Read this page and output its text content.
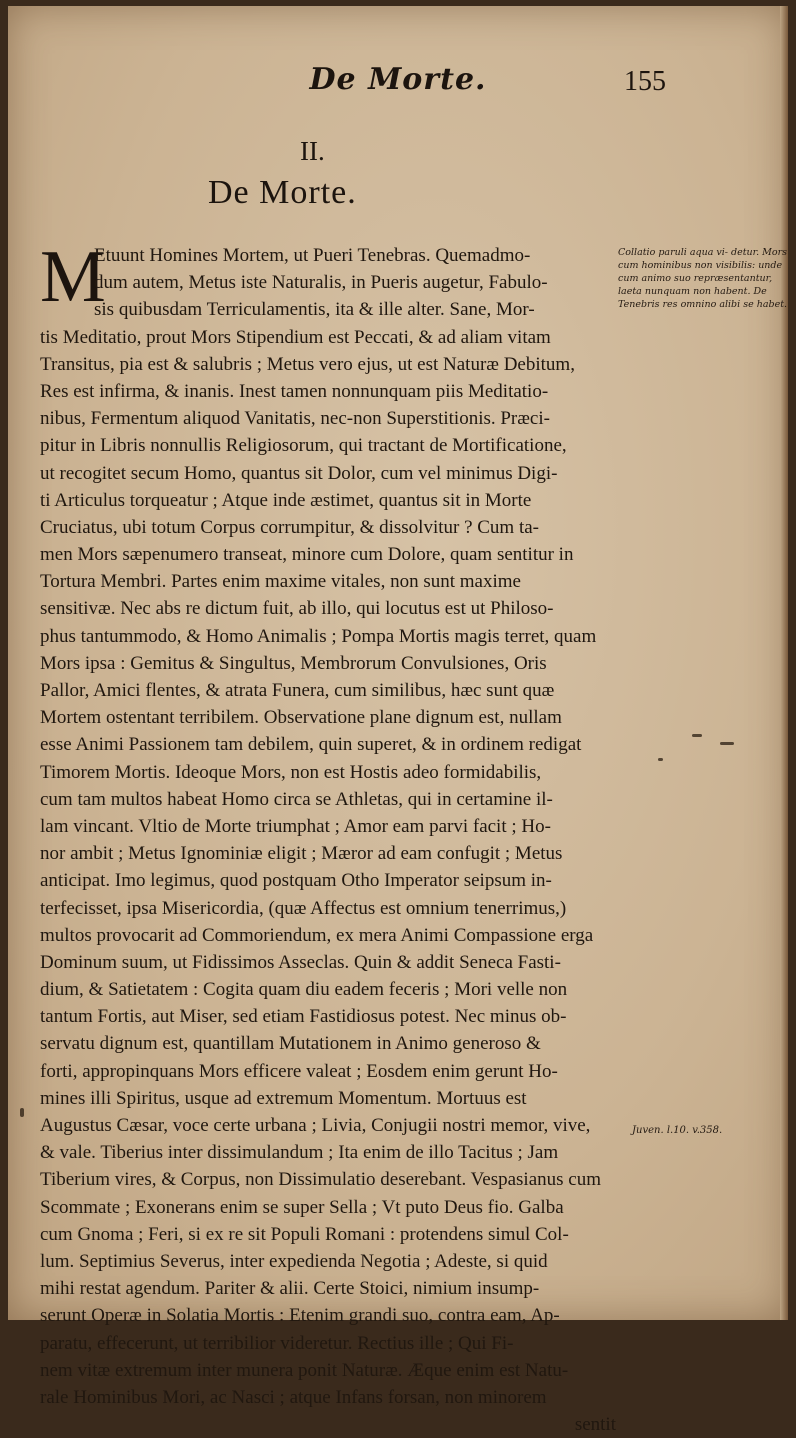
De Morte.	155
II.
De Morte.
M
Etuunt Homines Mortem, ut Pueri Tenebras. Quemadmo-
dum autem, Metus iste Naturalis, in Pueris augetur, Fabulo-
sis quibusdam Terriculamentis, ita & ille alter. Sane, Mor-
tis Meditatio, prout Mors Stipendium est Peccati, & ad aliam vitam
Transitus, pia est & salubris ; Metus vero ejus, ut est Naturæ Debitum,
Res est infirma, & inanis. Inest tamen nonnunquam piis Meditatio-
nibus, Fermentum aliquod Vanitatis, nec-non Superstitionis. Præci-
pitur in Libris nonnullis Religiosorum, qui tractant de Mortificatione,
ut recogitet secum Homo, quantus sit Dolor, cum vel minimus Digi-
ti Articulus torqueatur ; Atque inde æstimet, quantus sit in Morte
Cruciatus, ubi totum Corpus corrumpitur, & dissolvitur ? Cum ta-
men Mors sæpenumero transeat, minore cum Dolore, quam sentitur in
Tortura Membri. Partes enim maxime vitales, non sunt maxime
sensitivæ. Nec abs re dictum fuit, ab illo, qui locutus est ut Philoso-
phus tantummodo, & Homo Animalis ; Pompa Mortis magis terret, quam
Mors ipsa : Gemitus & Singultus, Membrorum Convulsiones, Oris
Pallor, Amici flentes, & atrata Funera, cum similibus, hæc sunt quæ
Mortem ostentant terribilem. Observatione plane dignum est, nullam
esse Animi Passionem tam debilem, quin superet, & in ordinem redigat
Timorem Mortis. Ideoque Mors, non est Hostis adeo formidabilis,
cum tam multos habeat Homo circa se Athletas, qui in certamine il-
lam vincant. Vltio de Morte triumphat ; Amor eam parvi facit ; Ho-
nor ambit ; Metus Ignominiæ eligit ; Mæror ad eam confugit ; Metus
anticipat. Imo legimus, quod postquam Otho Imperator seipsum in-
terfecisset, ipsa Misericordia, (quæ Affectus est omnium tenerrimus,)
multos provocarit ad Commoriendum, ex mera Animi Compassione erga
Dominum suum, ut Fidissimos Asseclas. Quin & addit Seneca Fasti-
dium, & Satietatem : Cogita quam diu eadem feceris ; Mori velle non
tantum Fortis, aut Miser, sed etiam Fastidiosus potest. Nec minus ob-
servatu dignum est, quantillam Mutationem in Animo generoso &
forti, appropinquans Mors efficere valeat ; Eosdem enim gerunt Ho-
mines illi Spiritus, usque ad extremum Momentum. Mortuus est
Augustus Cæsar, voce certe urbana ; Livia, Conjugii nostri memor, vive,
& vale. Tiberius inter dissimulandum ; Ita enim de illo Tacitus ; Jam
Tiberium vires, & Corpus, non Dissimulatio deserebant. Vespasianus cum
Scommate ; Exonerans enim se super Sella ; Vt puto Deus fio. Galba
cum Gnoma ; Feri, si ex re sit Populi Romani : protendens simul Col-
lum. Septimius Severus, inter expedienda Negotia ; Adeste, si quid
mihi restat agendum. Pariter & alii. Certe Stoici, nimium insump-
serunt Operæ in Solatia Mortis : Etenim grandi suo, contra eam, Ap-
paratu, effecerunt, ut terribilior videretur. Rectius ille ; Qui Fi-
nem vitæ extremum inter munera ponit Naturæ. Æque enim est Natu-
rale Hominibus Mori, ac Nasci ; atque Infans forsan, non minorem
sentit
Collatio paruli aqua vi- detur. Mors cum hominibus non visibilis: unde cum animo suo repræsentantur, laeta nunquam non habent. De Tenebris res omnino alibi se habet.
Juven. l.10. v.358.
